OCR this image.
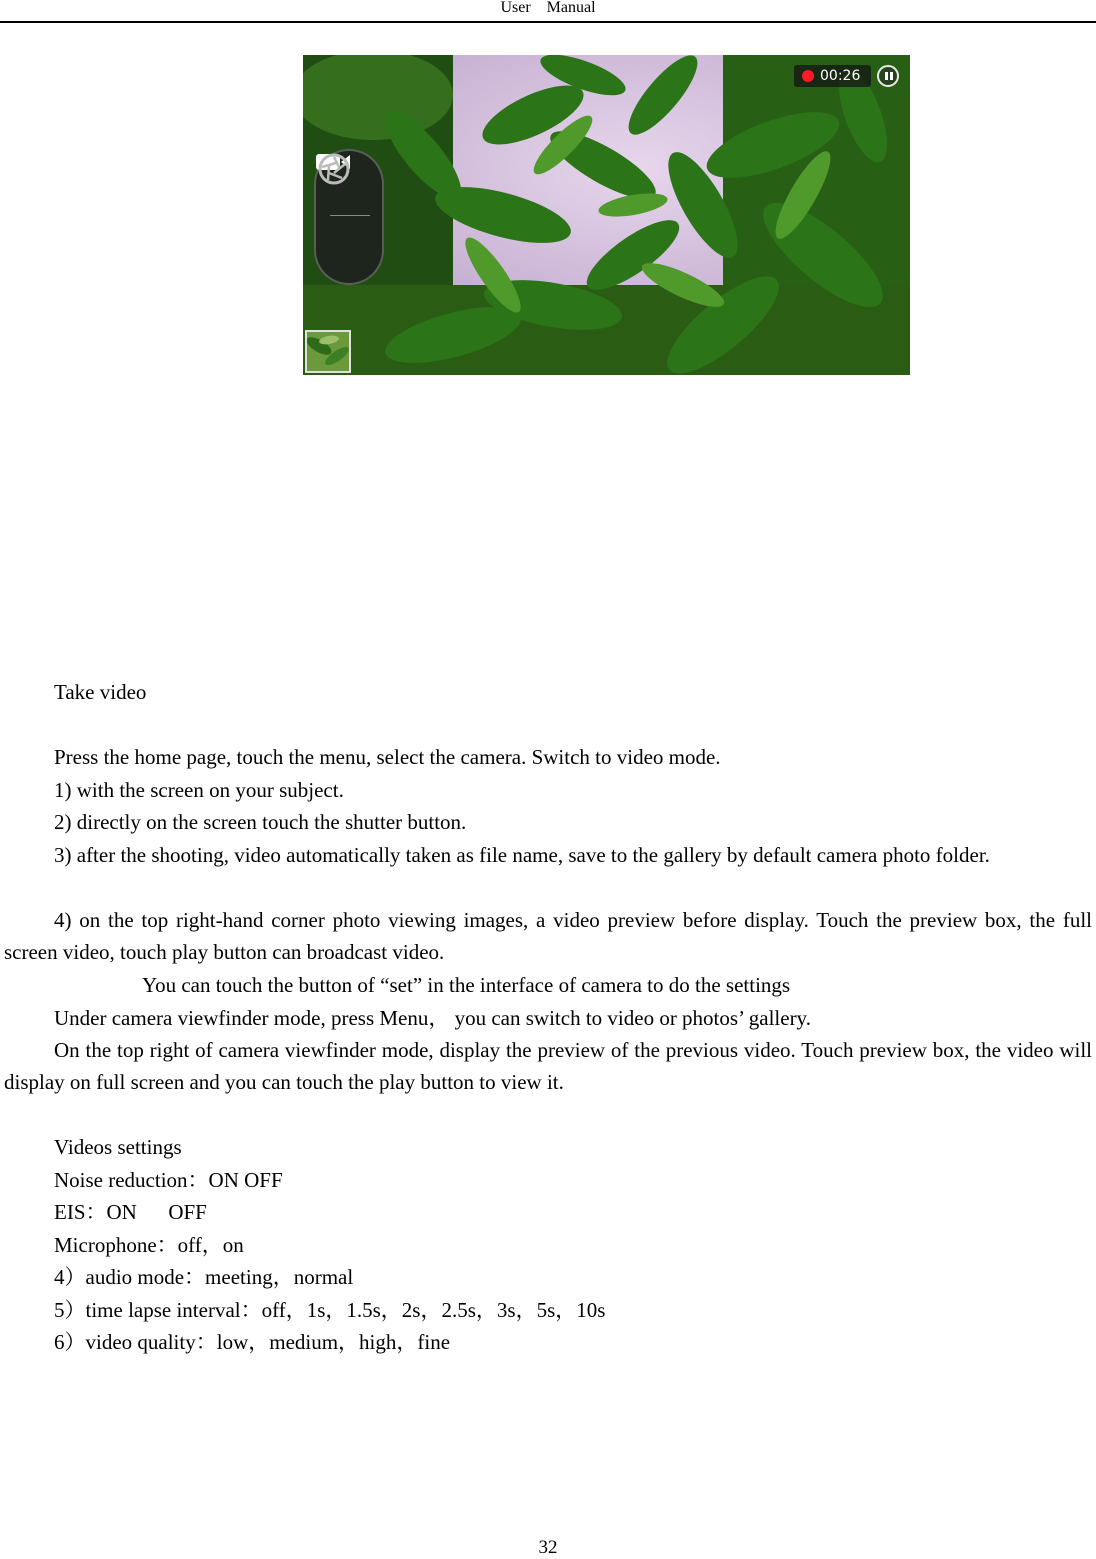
User Manual
00:26
Take video
Press the home page, touch the menu, select the camera. Switch to video mode.
1) with the screen on your subject.
2) directly on the screen touch the shutter button.
3) after the shooting, video automatically taken as file name, save to the gallery by default camera photo folder.
4) on the top right-hand corner photo viewing images, a video preview before display. Touch the preview box, the full screen video, touch play button can broadcast video.
You can touch the button of “set” in the interface of camera to do the settings
Under camera viewfinder mode, press Menu， you can switch to video or photos’ gallery.
On the top right of camera viewfinder mode, display the preview of the previous video. Touch preview box, the video will display on full screen and you can touch the play button to view it.
Videos settings
Noise reduction：ON OFF
EIS：ON      OFF
Microphone：off，on
4）audio mode：meeting，normal
5）time lapse interval：off，1s，1.5s，2s，2.5s，3s，5s，10s
6）video quality：low，medium，high，fine
32
